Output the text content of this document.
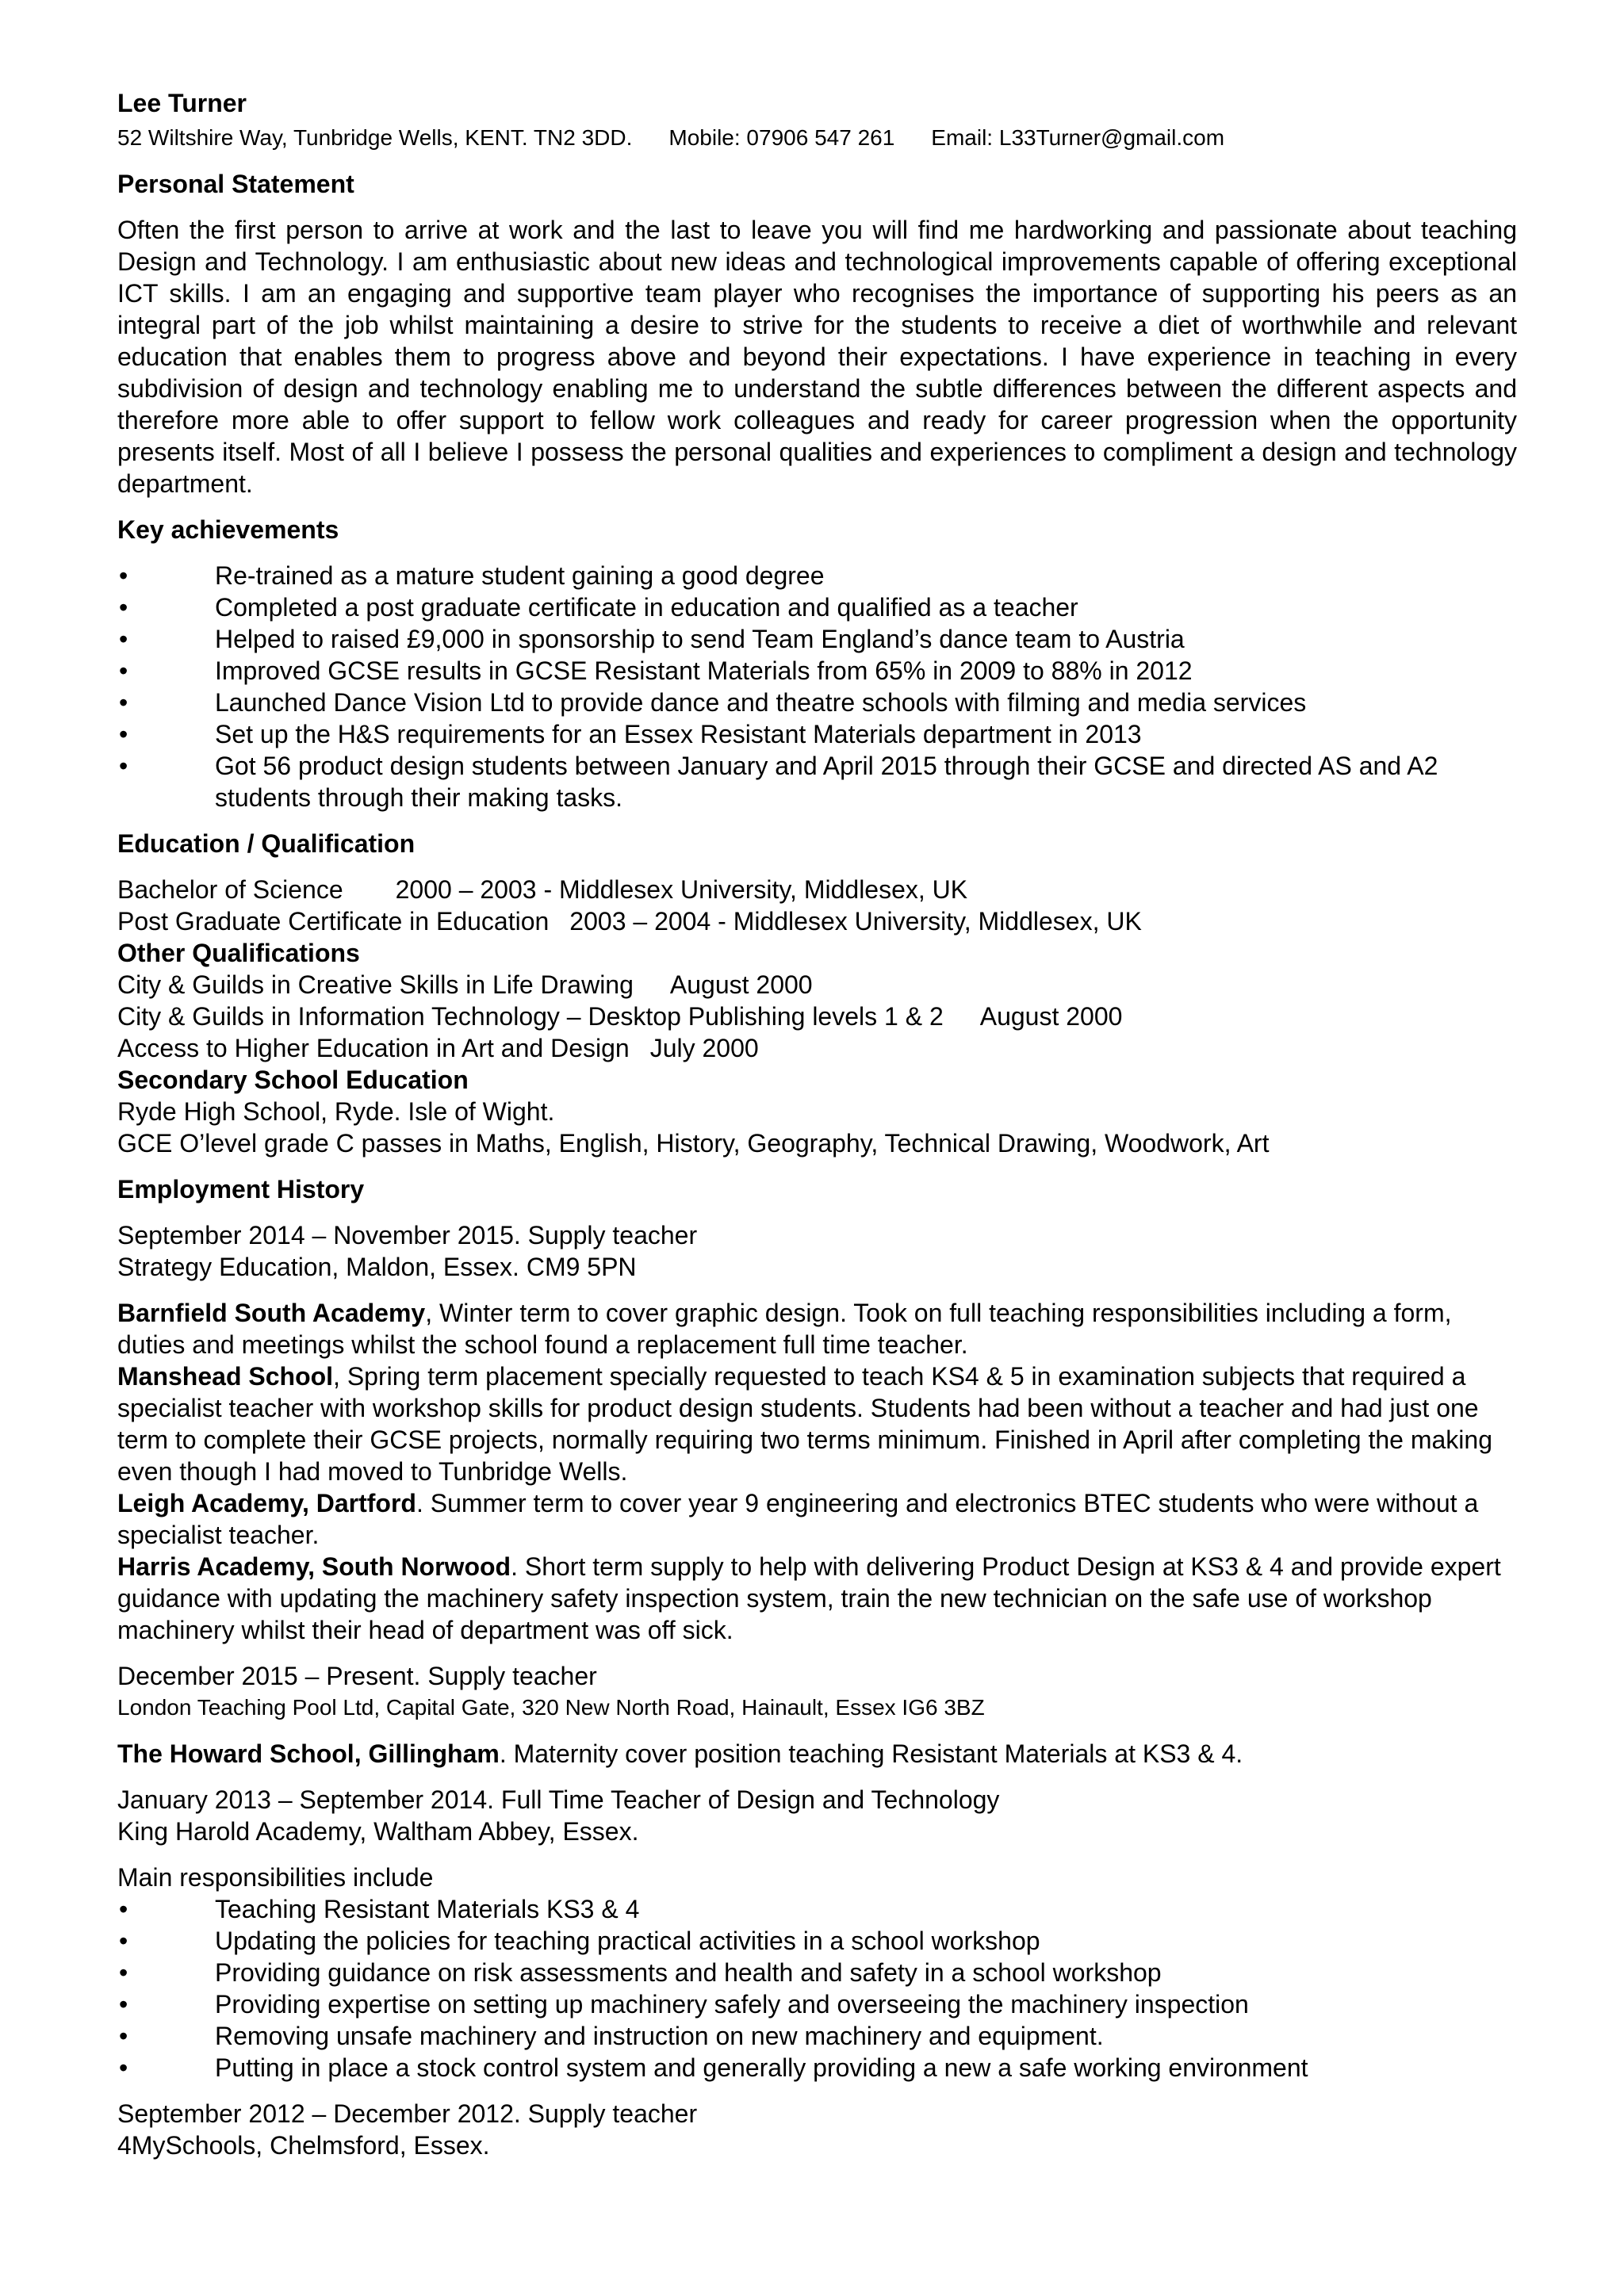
Lee Turner

52 Wiltshire Way, Tunbridge Wells, KENT. TN2 3DD. Mobile: 07906 547 261 Email: L33Turner@gmail.com

Personal Statement

Often the first person to arrive at work and the last to leave you will find me hardworking and passionate about teaching Design and Technology. I am enthusiastic about new ideas and technological improvements capable of offering exceptional ICT skills. I am an engaging and supportive team player who recognises the importance of supporting his peers as an integral part of the job whilst maintaining a desire to strive for the students to receive a diet of worthwhile and relevant education that enables them to progress above and beyond their expectations. I have experience in teaching in every subdivision of design and technology enabling me to understand the subtle differences between the different aspects and therefore more able to offer support to fellow work colleagues and ready for career progression when the opportunity presents itself. Most of all I believe I possess the personal qualities and experiences to compliment a design and technology department.

Key achievements
•	Re-trained as a mature student gaining a good degree
•	Completed a post graduate certificate in education and qualified as a teacher
•	Helped to raised £9,000 in sponsorship to send Team England’s dance team to Austria
•	Improved GCSE results in GCSE Resistant Materials from 65% in 2009 to 88% in 2012
•	Launched Dance Vision Ltd to provide dance and theatre schools with filming and media services
•	Set up the H&S requirements for an Essex Resistant Materials department in 2013
•	Got 56 product design students between January and April 2015 through their GCSE and directed AS and A2 students through their making tasks.
Education / Qualification

Bachelor of Science 2000 – 2003 - Middlesex University, Middlesex, UK

Post Graduate Certificate in Education 2003 – 2004 - Middlesex University, Middlesex, UK

Other Qualifications

City & Guilds in Creative Skills in Life Drawing August 2000

City & Guilds in Information Technology – Desktop Publishing levels 1 & 2 August 2000

Access to Higher Education in Art and Design July 2000

Secondary School Education

Ryde High School, Ryde. Isle of Wight.

GCE O’level grade C passes in Maths, English, History, Geography, Technical Drawing, Woodwork, Art

Employment History

September 2014 – November 2015. Supply teacher

Strategy Education, Maldon, Essex. CM9 5PN

Barnfield South Academy, Winter term to cover graphic design. Took on full teaching responsibilities including a form, duties and meetings whilst the school found a replacement full time teacher.

Manshead School, Spring term placement specially requested to teach KS4 & 5 in examination subjects that required a specialist teacher with workshop skills for product design students. Students had been without a teacher and had just one term to complete their GCSE projects, normally requiring two terms minimum. Finished in April after completing the making even though I had moved to Tunbridge Wells.

Leigh Academy, Dartford. Summer term to cover year 9 engineering and electronics BTEC students who were without a specialist teacher.

Harris Academy, South Norwood. Short term supply to help with delivering Product Design at KS3 & 4 and provide expert guidance with updating the machinery safety inspection system, train the new technician on the safe use of workshop machinery whilst their head of department was off sick.

December 2015 – Present. Supply teacher

London Teaching Pool Ltd, Capital Gate, 320 New North Road, Hainault, Essex IG6 3BZ

The Howard School, Gillingham. Maternity cover position teaching Resistant Materials at KS3 & 4.

January 2013 – September 2014. Full Time Teacher of Design and Technology

King Harold Academy, Waltham Abbey, Essex.

Main responsibilities include

•	Teaching Resistant Materials KS3 & 4
•	Updating the policies for teaching practical activities in a school workshop
•	Providing guidance on risk assessments and health and safety in a school workshop
•	Providing expertise on setting up machinery safely and overseeing the machinery inspection
•	Removing unsafe machinery and instruction on new machinery and equipment.
•	Putting in place a stock control system and generally providing a new a safe working environment

September 2012 – December 2012. Supply teacher

4MySchools, Chelmsford, Essex.
